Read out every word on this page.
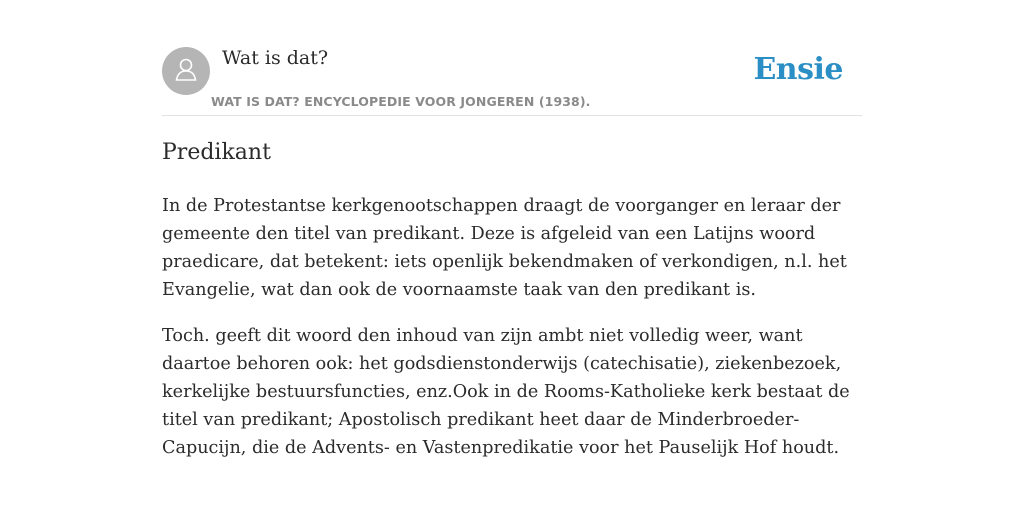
Wat is dat?
WAT IS DAT? ENCYCLOPEDIE VOOR JONGEREN (1938).
Ensie
Predikant

In de Protestantse kerkgenootschappen draagt de voorganger en leraar der gemeente den titel van predikant. Deze is afgeleid van een Latijns woord praedicare, dat betekent: iets openlijk bekendmaken of verkondigen, n.l. het Evangelie, wat dan ook de voornaamste taak van den predikant is.

Toch. geeft dit woord den inhoud van zijn ambt niet volledig weer, want daartoe behoren ook: het godsdienstonderwijs (catechisatie), ziekenbezoek, kerkelijke bestuursfuncties, enz.Ook in de Rooms-Katholieke kerk bestaat de titel van predikant; Apostolisch predikant heet daar de Minderbroeder-Capucijn, die de Advents- en Vastenpredikatie voor het Pauselijk Hof houdt.
